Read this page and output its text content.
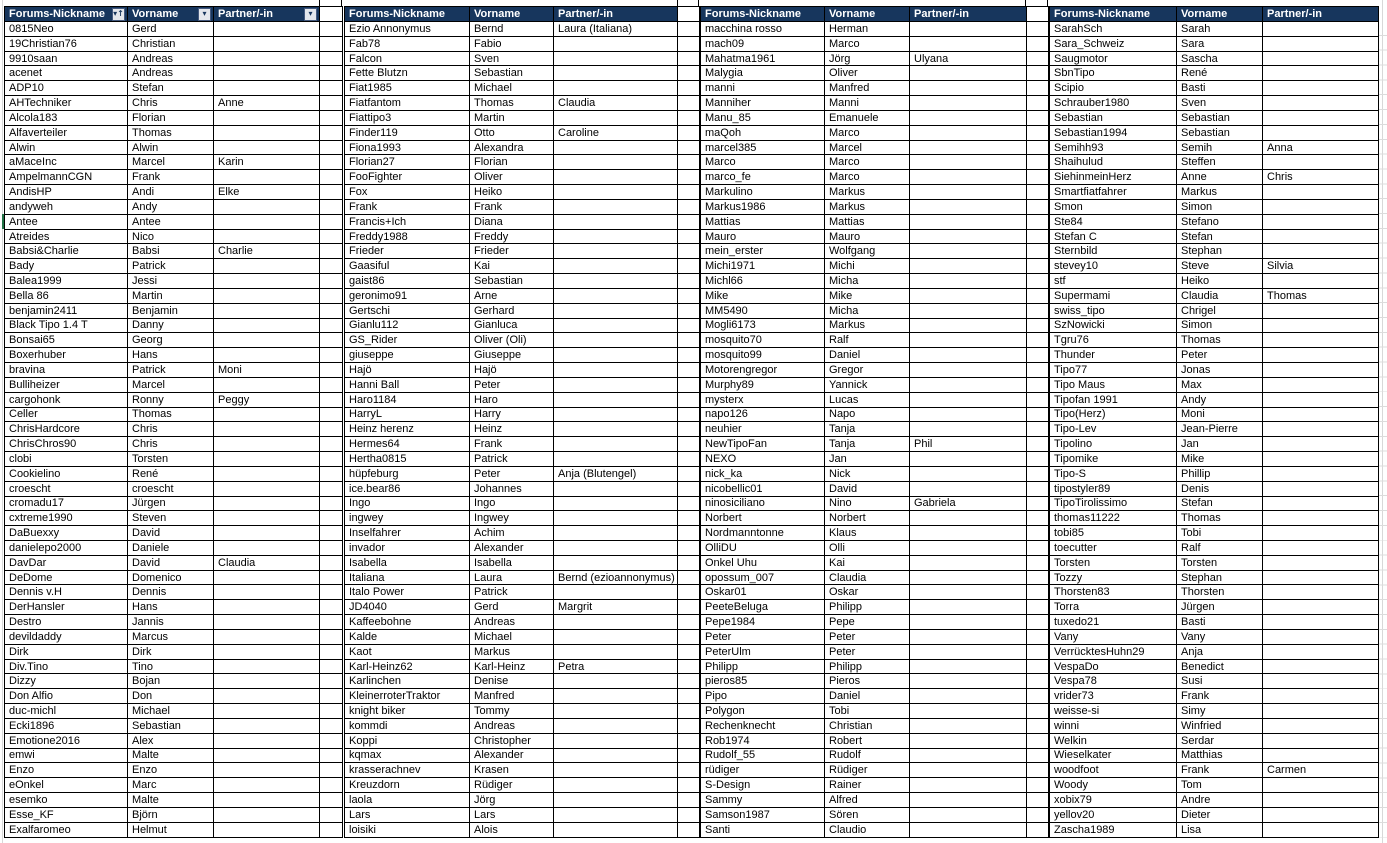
Forums-Nickname ▾↑	Vorname ▾	Partner/-in ▾	

0815Neo	Gerd		
19Christian76	Christian		
9910saan	Andreas		
acenet	Andreas		
ADP10	Stefan		
AHTechniker	Chris	Anne	
Alcola183	Florian		
Alfaverteiler	Thomas		
Alwin	Alwin		
aMaceInc	Marcel	Karin	
AmpelmannCGN	Frank		
AndisHP	Andi	Elke	
andyweh	Andy		
Antee	Antee		
Atreides	Nico		
Babsi&Charlie	Babsi	Charlie	
Bady	Patrick		
Balea1999	Jessi		
Bella 86	Martin		
benjamin2411	Benjamin		
Black Tipo 1.4 T	Danny		
Bonsai65	Georg		
Boxerhuber	Hans		
bravina	Patrick	Moni	
Bulliheizer	Marcel		
cargohonk	Ronny	Peggy	
Celler	Thomas		
ChrisHardcore	Chris		
ChrisChros90	Chris		
clobi	Torsten		
Cookielino	René		
croescht	croescht		
cromadu17	Jürgen		
cxtreme1990	Steven		
DaBuexxy	David		
danielepo2000	Daniele		
DavDar	David	Claudia	
DeDome	Domenico		
Dennis v.H	Dennis		
DerHansler	Hans		
Destro	Jannis		
devildaddy	Marcus		
Dirk	Dirk		
Div.Tino	Tino		
Dizzy	Bojan		
Don Alfio	Don		
duc-michl	Michael		
Ecki1896	Sebastian		
Emotione2016	Alex		
emwi	Malte		
Enzo	Enzo		
eOnkel	Marc		
esemko	Malte		
Esse_KF	Björn		
Exalfaromeo	Helmut		
Forums-Nickname	Vorname	Partner/-in	
Ezio Annonymus	Bernd	Laura (Italiana)	
Fab78	Fabio		
Falcon	Sven		
Fette Blutzn	Sebastian		
Fiat1985	Michael		
Fiatfantom	Thomas	Claudia	
Fiattipo3	Martin		
Finder119	Otto	Caroline	
Fiona1993	Alexandra		
Florian27	Florian		
FooFighter	Oliver		
Fox	Heiko		
Frank	Frank		
Francis+Ich	Diana		
Freddy1988	Freddy		
Frieder	Frieder		
Gaasiful	Kai		
gaist86	Sebastian		
geronimo91	Arne		
Gertschi	Gerhard		
Gianlu112	Gianluca		
GS_Rider	Oliver (Oli)		
giuseppe	Giuseppe		
Hajö	Hajö		
Hanni Ball	Peter		
Haro1184	Haro		
HarryL	Harry		
Heinz herenz	Heinz		
Hermes64	Frank		
Hertha0815	Patrick		
hüpfeburg	Peter	Anja (Blutengel)	
ice.bear86	Johannes		
Ingo	Ingo		
ingwey	Ingwey		
Inselfahrer	Achim		
invador	Alexander		
Isabella	Isabella		
Italiana	Laura	Bernd (ezioannonymus)	
Italo Power	Patrick		
JD4040	Gerd	Margrit	
Kaffeebohne	Andreas		
Kalde	Michael		
Kaot	Markus		
Karl-Heinz62	Karl-Heinz	Petra	
Karlinchen	Denise		
KleinerroterTraktor	Manfred		
knight biker	Tommy		
kommdi	Andreas		
Koppi	Christopher		
kqmax	Alexander		
krasserachnev	Krasen		
Kreuzdorn	Rüdiger		
laola	Jörg		
Lars	Lars		
loisiki	Alois		
Forums-Nickname	Vorname	Partner/-in	
macchina rosso	Herman		
mach09	Marco		
Mahatma1961	Jörg	Ulyana	
Malygia	Oliver		
manni	Manfred		
Manniher	Manni		
Manu_85	Emanuele		
maQoh	Marco		
marcel385	Marcel		
Marco	Marco		
marco_fe	Marco		
Markulino	Markus		
Markus1986	Markus		
Mattias	Mattias		
Mauro	Mauro		
mein_erster	Wolfgang		
Michi1971	Michi		
Michl66	Micha		
Mike	Mike		
MM5490	Micha		
Mogli6173	Markus		
mosquito70	Ralf		
mosquito99	Daniel		
Motorengregor	Gregor		
Murphy89	Yannick		
mysterx	Lucas		
napo126	Napo		
neuhier	Tanja		
NewTipoFan	Tanja	Phil	
NEXO	Jan		
nick_ka	Nick		
nicobellic01	David		
ninosiciliano	Nino	Gabriela	
Norbert	Norbert		
Nordmanntonne	Klaus		
OlliDU	Olli		
Onkel Uhu	Kai		
opossum_007	Claudia		
Oskar01	Oskar		
PeeteBeluga	Philipp		
Pepe1984	Pepe		
Peter	Peter		
PeterUlm	Peter		
Philipp	Philipp		
pieros85	Pieros		
Pipo	Daniel		
Polygon	Tobi		
Rechenknecht	Christian		
Rob1974	Robert		
Rudolf_55	Rudolf		
rüdiger	Rüdiger		
S-Design	Rainer		
Sammy	Alfred		
Samson1987	Sören		
Santi	Claudio		
Forums-Nickname	Vorname	Partner/-in
SarahSch	Sarah	
Sara_Schweiz	Sara	
Saugmotor	Sascha	
SbnTipo	René	
Scipio	Basti	
Schrauber1980	Sven	
Sebastian	Sebastian	
Sebastian1994	Sebastian	
Semihh93	Semih	Anna
Shaihulud	Steffen	
SiehinmeinHerz	Anne	Chris
Smartfiatfahrer	Markus	
Smon	Simon	
Ste84	Stefano	
Stefan C	Stefan	
Sternbild	Stephan	
stevey10	Steve	Silvia
stf	Heiko	
Supermami	Claudia	Thomas
swiss_tipo	Chrigel	
SzNowicki	Simon	
Tgru76	Thomas	
Thunder	Peter	
Tipo77	Jonas	
Tipo Maus	Max	
Tipofan 1991	Andy	
Tipo(Herz)	Moni	
Tipo-Lev	Jean-Pierre	
Tipolino	Jan	
Tipomike	Mike	
Tipo-S	Phillip	
tipostyler89	Denis	
TipoTirolissimo	Stefan	
thomas11222	Thomas	
tobi85	Tobi	
toecutter	Ralf	
Torsten	Torsten	
Tozzy	Stephan	
Thorsten83	Thorsten	
Torra	Jürgen	
tuxedo21	Basti	
Vany	Vany	
VerrücktesHuhn29	Anja	
VespaDo	Benedict	
Vespa78	Susi	
vrider73	Frank	
weisse-si	Simy	
winni	Winfried	
Welkin	Serdar	
Wieselkater	Matthias	
woodfoot	Frank	Carmen
Woody	Tom	
xobix79	Andre	
yellov20	Dieter	
Zascha1989	Lisa	
